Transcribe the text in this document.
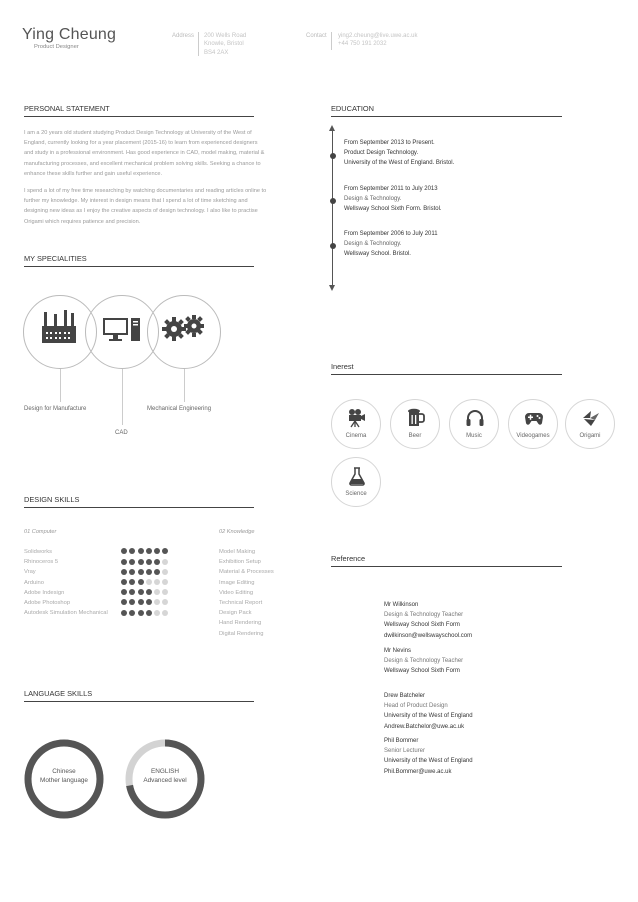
Ying Cheung
Product Designer
Address 200 Wells Road
Knowle, Bristol
BS4 2AX
Contact ying2.cheung@live.uwe.ac.uk
+44 750 191 2032
PERSONAL STATEMENT
I am a 20 years old student studying Product Design Technology at University of the West of
England, currently looking for a year placement (2015-16) to learn from experienced designers
and study in a professional environment. Has good experience in CAD, model making, material &
manufacturing processes, and excellent mechanical problem solving skills. Seeking a chance to
enhance these skills further and gain useful experience.
I spend a lot of my free time researching by watching documentaries and reading articles online to
further my knowledge. My interest in design means that I spend a lot of time sketching and
designing new ideas as I enjoy the creative aspects of design technology. I also like to practise
Origami which requires patience and precision.
EDUCATION
From September 2013 to Present.
Product Design Technology.
University of the West of England. Bristol.
From September 2011 to July 2013
Design & Technology.
Wellsway School Sixth Form. Bristol.
From September 2006 to July 2011
Design & Technology.
Wellsway School. Bristol.
MY SPECIALITIES
Design for Manufacture
CAD
Mechanical Engineering
Inerest
Cinema	Beer	Music	Videogames	Origami
Science
DESIGN SKILLS
01 Computer	02 Knowledge
Solidworks
Rhinoceros 5
Vray
Arduino
Adobe Indesign
Adobe Photoshop
Autodesk Simulation Mechanical
Model Making
Exhibition Setup
Material & Processes
Image Editing
Video Editing
Technical Report
Design Pack
Hand Rendering
Digital Rendering
Reference
Mr Wilkinson
Design & Technology Teacher
Wellsway School Sixth Form
dwilkinson@wellswayschool.com
Mr Nevins
Design & Technology Teacher
Wellsway School Sixth Form
Drew Batcheler
Head of Product Design
University of the West of England
Andrew.Batchelor@uwe.ac.uk
Phil Bommer
Senior Lecturer
University of the West of England
Phil.Bommer@uwe.ac.uk
LANGUAGE SKILLS
Chinese
Mother language
ENGLISH
Advanced level
